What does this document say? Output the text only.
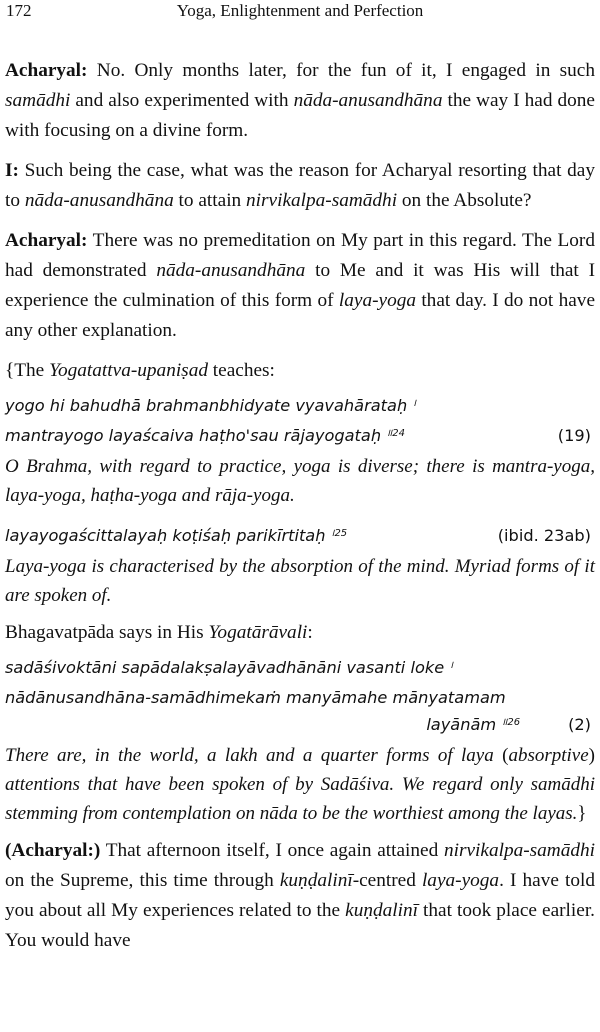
172	Yoga, Enlightenment and Perfection

Acharyal: No. Only months later, for the fun of it, I engaged in such samādhi and also experimented with nāda-anusandhāna the way I had done with focusing on a divine form.

I: Such being the case, what was the reason for Acharyal resorting that day to nāda-anusandhāna to attain nirvikalpa-samādhi on the Absolute?

Acharyal: There was no premeditation on My part in this regard. The Lord had demonstrated nāda-anusandhāna to Me and it was His will that I experience the culmination of this form of laya-yoga that day. I do not have any other explanation.

{The Yogatattva-upaniṣad teaches:

yogo hi bahudhā brahmanbhidyate vyavahārataḥ ।
mantrayogo layaścaiva haṭho'sau rājayogataḥ $^{॥24}$	(19)

O Brahma, with regard to practice, yoga is diverse; there is mantra-yoga, laya-yoga, haṭha-yoga and rāja-yoga.

layayogaścittalayaḥ koṭiśaḥ parikīrtitaḥ $^{।25}$	(ibid. 23ab)

Laya-yoga is characterised by the absorption of the mind. Myriad forms of it are spoken of.

Bhagavatpāda says in His Yogatārāvali:

sadāśivoktāni sapādalakṣalayāvadhānāni vasanti loke ।
nādānusandhāna-samādhimekaṁ manyāmahe mānyatamam
layānām $^{॥26}$	(2)

There are, in the world, a lakh and a quarter forms of laya (absorptive) attentions that have been spoken of by Sadāśiva. We regard only samādhi stemming from contemplation on nāda to be the worthiest among the layas.}

(Acharyal:) That afternoon itself, I once again attained nirvikalpa-samādhi on the Supreme, this time through kuṇḍalinī-centred laya-yoga. I have told you about all My experiences related to the kuṇḍalinī that took place earlier. You would have
